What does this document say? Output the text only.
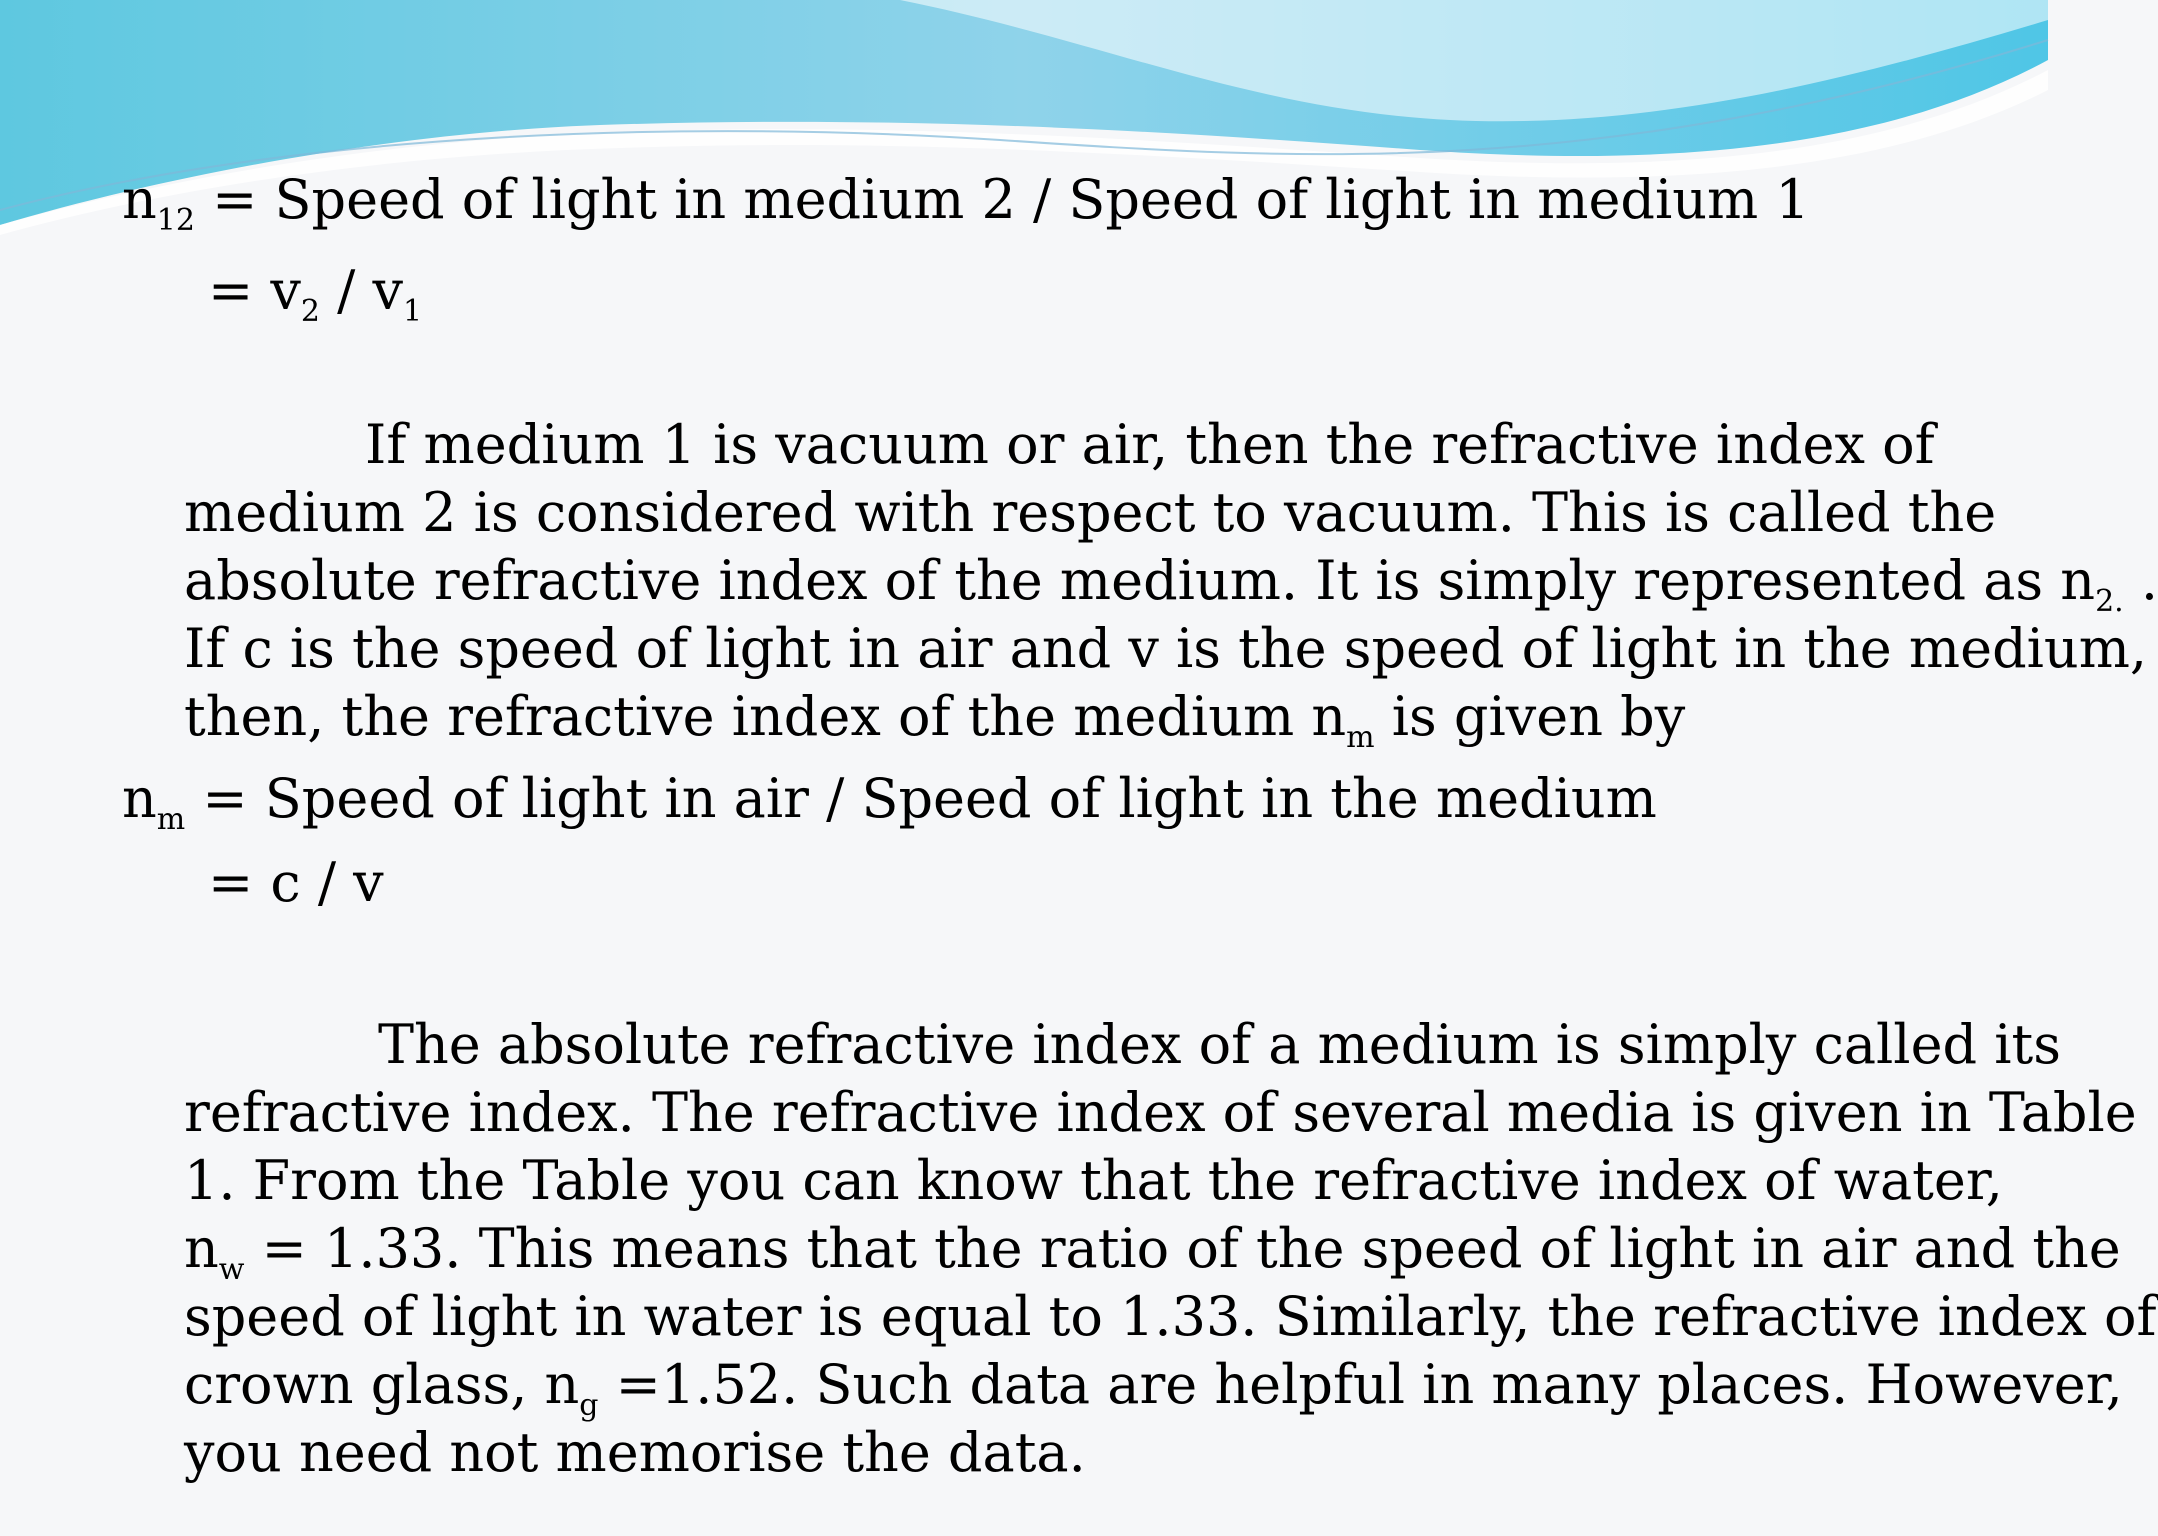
$n_{12}$ = Speed of light in medium 2 / Speed of light in medium 1
= $v_2 / v_1$
If medium 1 is vacuum or air, then the refractive index of
medium 2 is considered with respect to vacuum. This is called the
absolute refractive index of the medium. It is simply represented as $n_{2.}$ .
If c is the speed of light in air and v is the speed of light in the medium,
then, the refractive index of the medium $n_m$ is given by
$n_m$ = Speed of light in air / Speed of light in the medium
= c / v
The absolute refractive index of a medium is simply called its
refractive index. The refractive index of several media is given in Table
1. From the Table you can know that the refractive index of water,
$n_w = 1.33$. This means that the ratio of the speed of light in air and the
speed of light in water is equal to 1.33. Similarly, the refractive index of
crown glass, $n_g =1.52$. Such data are helpful in many places. However,
you need not memorise the data.
